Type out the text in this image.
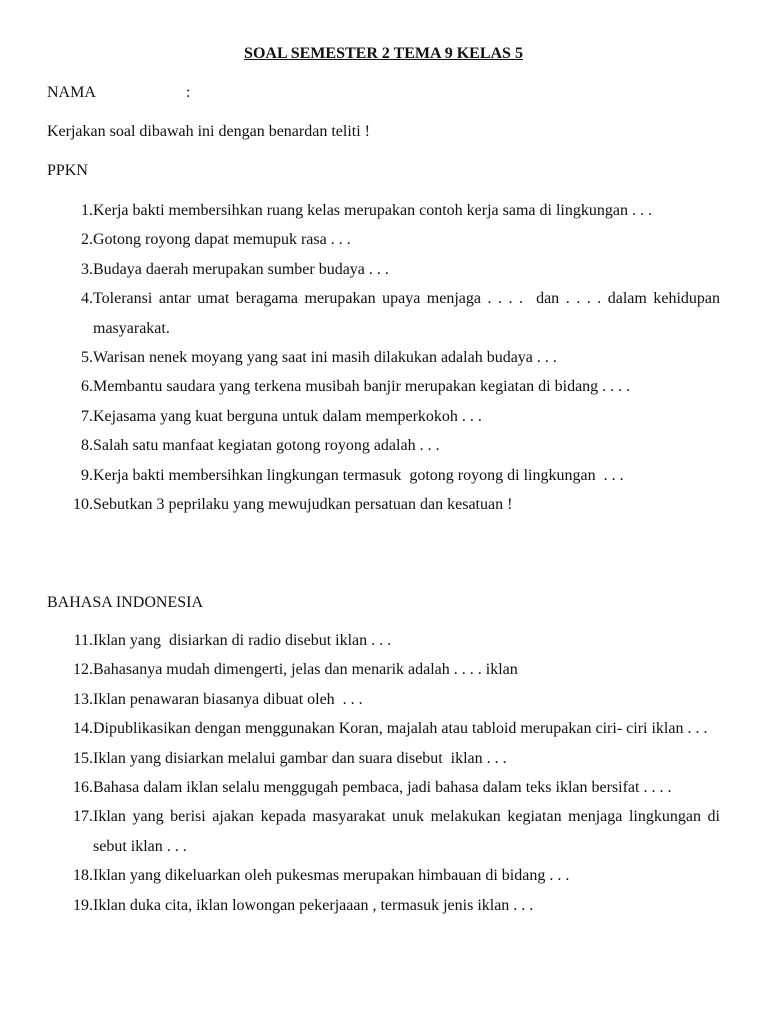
SOAL SEMESTER 2 TEMA 9 KELAS 5
NAMA	:
Kerjakan soal dibawah ini dengan benardan teliti !
PPKN
1. Kerja bakti membersihkan ruang kelas merupakan contoh kerja sama di lingkungan . . .
2. Gotong royong dapat memupuk rasa . . .
3. Budaya daerah merupakan sumber budaya . . .
4. Toleransi antar umat beragama merupakan upaya menjaga . . . .  dan . . . . dalam kehidupan masyarakat.
5. Warisan nenek moyang yang saat ini masih dilakukan adalah budaya . . .
6. Membantu saudara yang terkena musibah banjir merupakan kegiatan di bidang . . . .
7. Kejasama yang kuat berguna untuk dalam memperkokoh . . .
8. Salah satu manfaat kegiatan gotong royong adalah . . .
9. Kerja bakti membersihkan lingkungan termasuk  gotong royong di lingkungan  . . .
10. Sebutkan 3 peprilaku yang mewujudkan persatuan dan kesatuan !
BAHASA INDONESIA
11. Iklan yang  disiarkan di radio disebut iklan . . .
12. Bahasanya mudah dimengerti, jelas dan menarik adalah . . . . iklan
13. Iklan penawaran biasanya dibuat oleh  . . .
14. Dipublikasikan dengan menggunakan Koran, majalah atau tabloid merupakan ciri- ciri iklan . . .
15. Iklan yang disiarkan melalui gambar dan suara disebut  iklan . . .
16. Bahasa dalam iklan selalu menggugah pembaca, jadi bahasa dalam teks iklan bersifat . . . .
17. Iklan yang berisi ajakan kepada masyarakat unuk melakukan kegiatan menjaga lingkungan di sebut iklan . . .
18. Iklan yang dikeluarkan oleh pukesmas merupakan himbauan di bidang . . .
19. Iklan duka cita, iklan lowongan pekerjaaan , termasuk jenis iklan . . .
